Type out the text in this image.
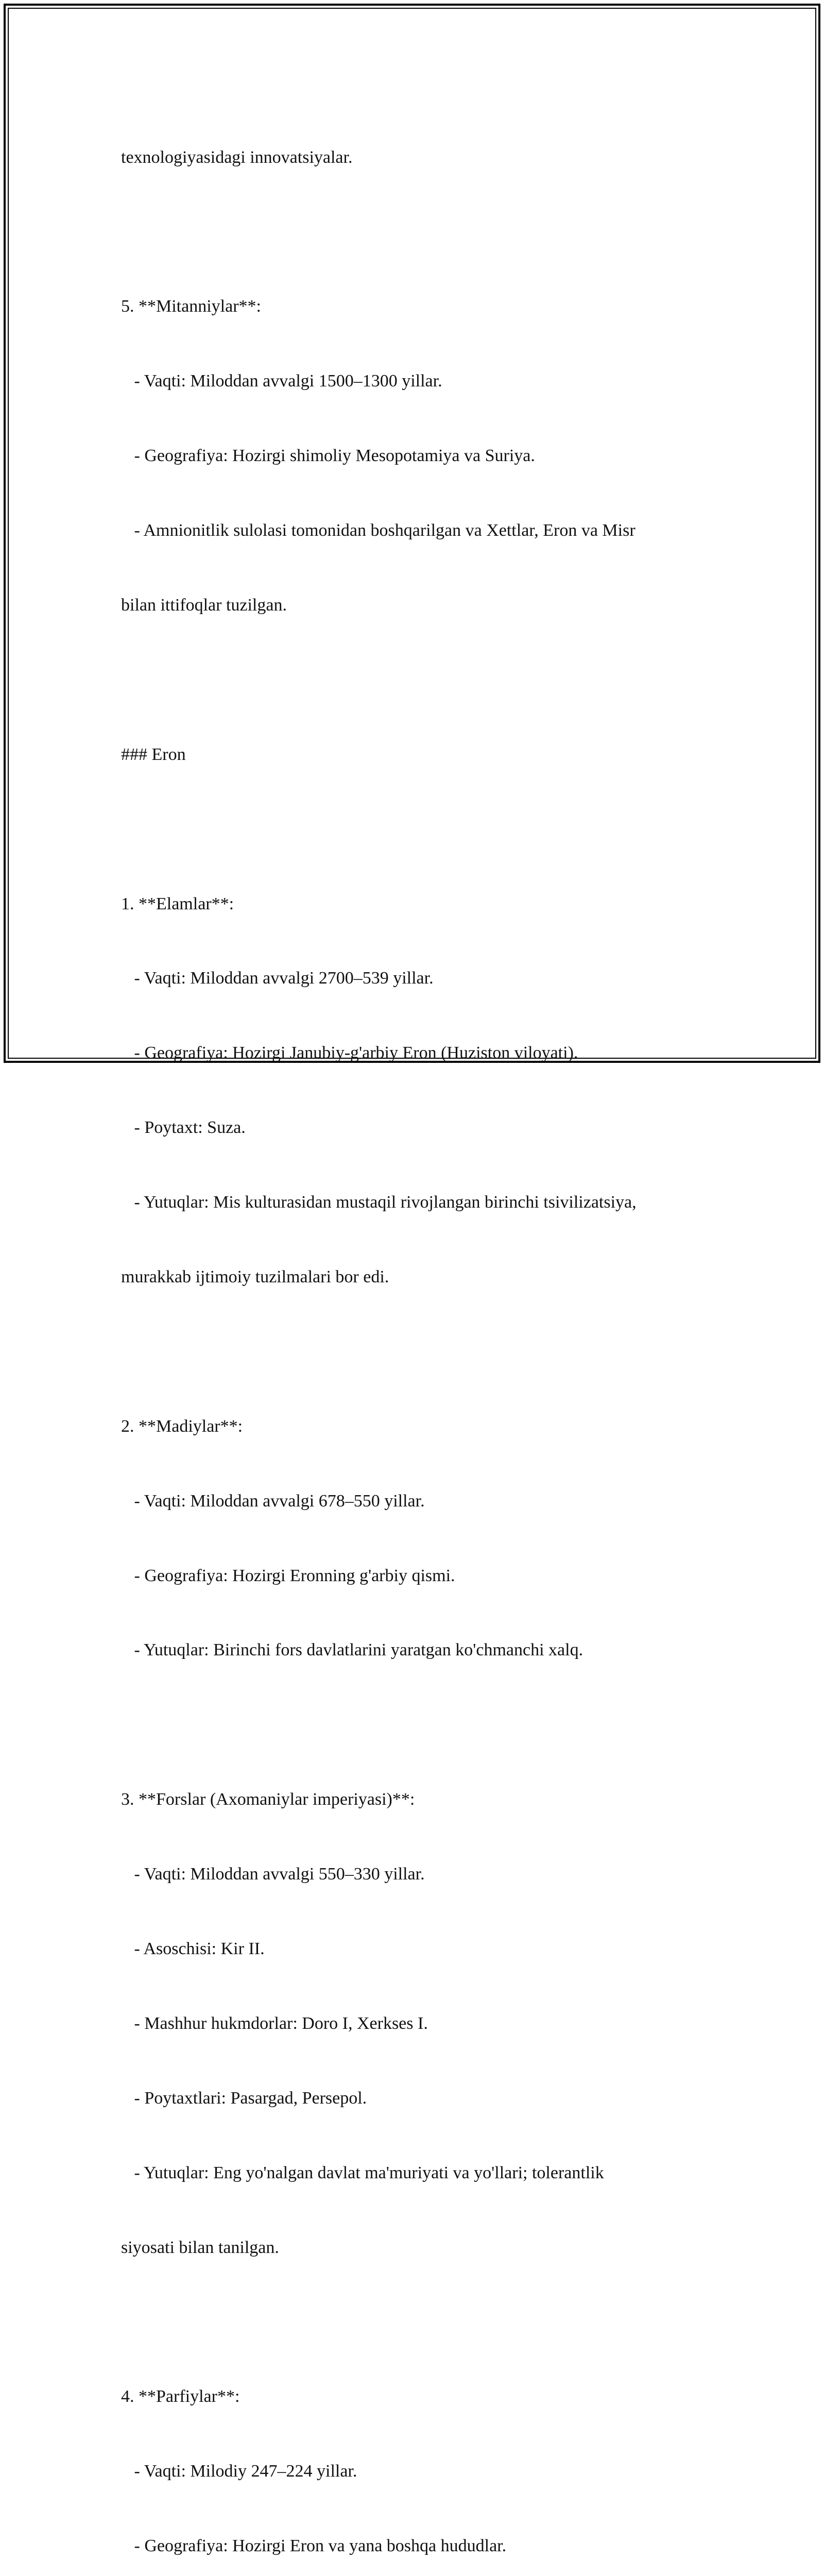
texnologiyasidagi innovatsiyalar.

5. **Mitanniylar**:

- Vaqti: Miloddan avvalgi 1500–1300 yillar.

- Geografiya: Hozirgi shimoliy Mesopotamiya va Suriya.

- Amnionitlik sulolasi tomonidan boshqarilgan va Xettlar, Eron va Misr

bilan ittifoqlar tuzilgan.

### Eron

1. **Elamlar**:

- Vaqti: Miloddan avvalgi 2700–539 yillar.

- Geografiya: Hozirgi Janubiy-g'arbiy Eron (Huziston viloyati).

- Poytaxt: Suza.

- Yutuqlar: Mis kulturasidan mustaqil rivojlangan birinchi tsivilizatsiya,

murakkab ijtimoiy tuzilmalari bor edi.

2. **Madiylar**:

- Vaqti: Miloddan avvalgi 678–550 yillar.

- Geografiya: Hozirgi Eronning g'arbiy qismi.

- Yutuqlar: Birinchi fors davlatlarini yaratgan ko'chmanchi xalq.

3. **Forslar (Axomaniylar imperiyasi)**:

- Vaqti: Miloddan avvalgi 550–330 yillar.

- Asoschisi: Kir II.

- Mashhur hukmdorlar: Doro I, Xerkses I.

- Poytaxtlari: Pasargad, Persepol.

- Yutuqlar: Eng yo'nalgan davlat ma'muriyati va yo'llari; tolerantlik

siyosati bilan tanilgan.

4. **Parfiylar**:

- Vaqti: Milodiy 247–224 yillar.

- Geografiya: Hozirgi Eron va yana boshqa hududlar.
